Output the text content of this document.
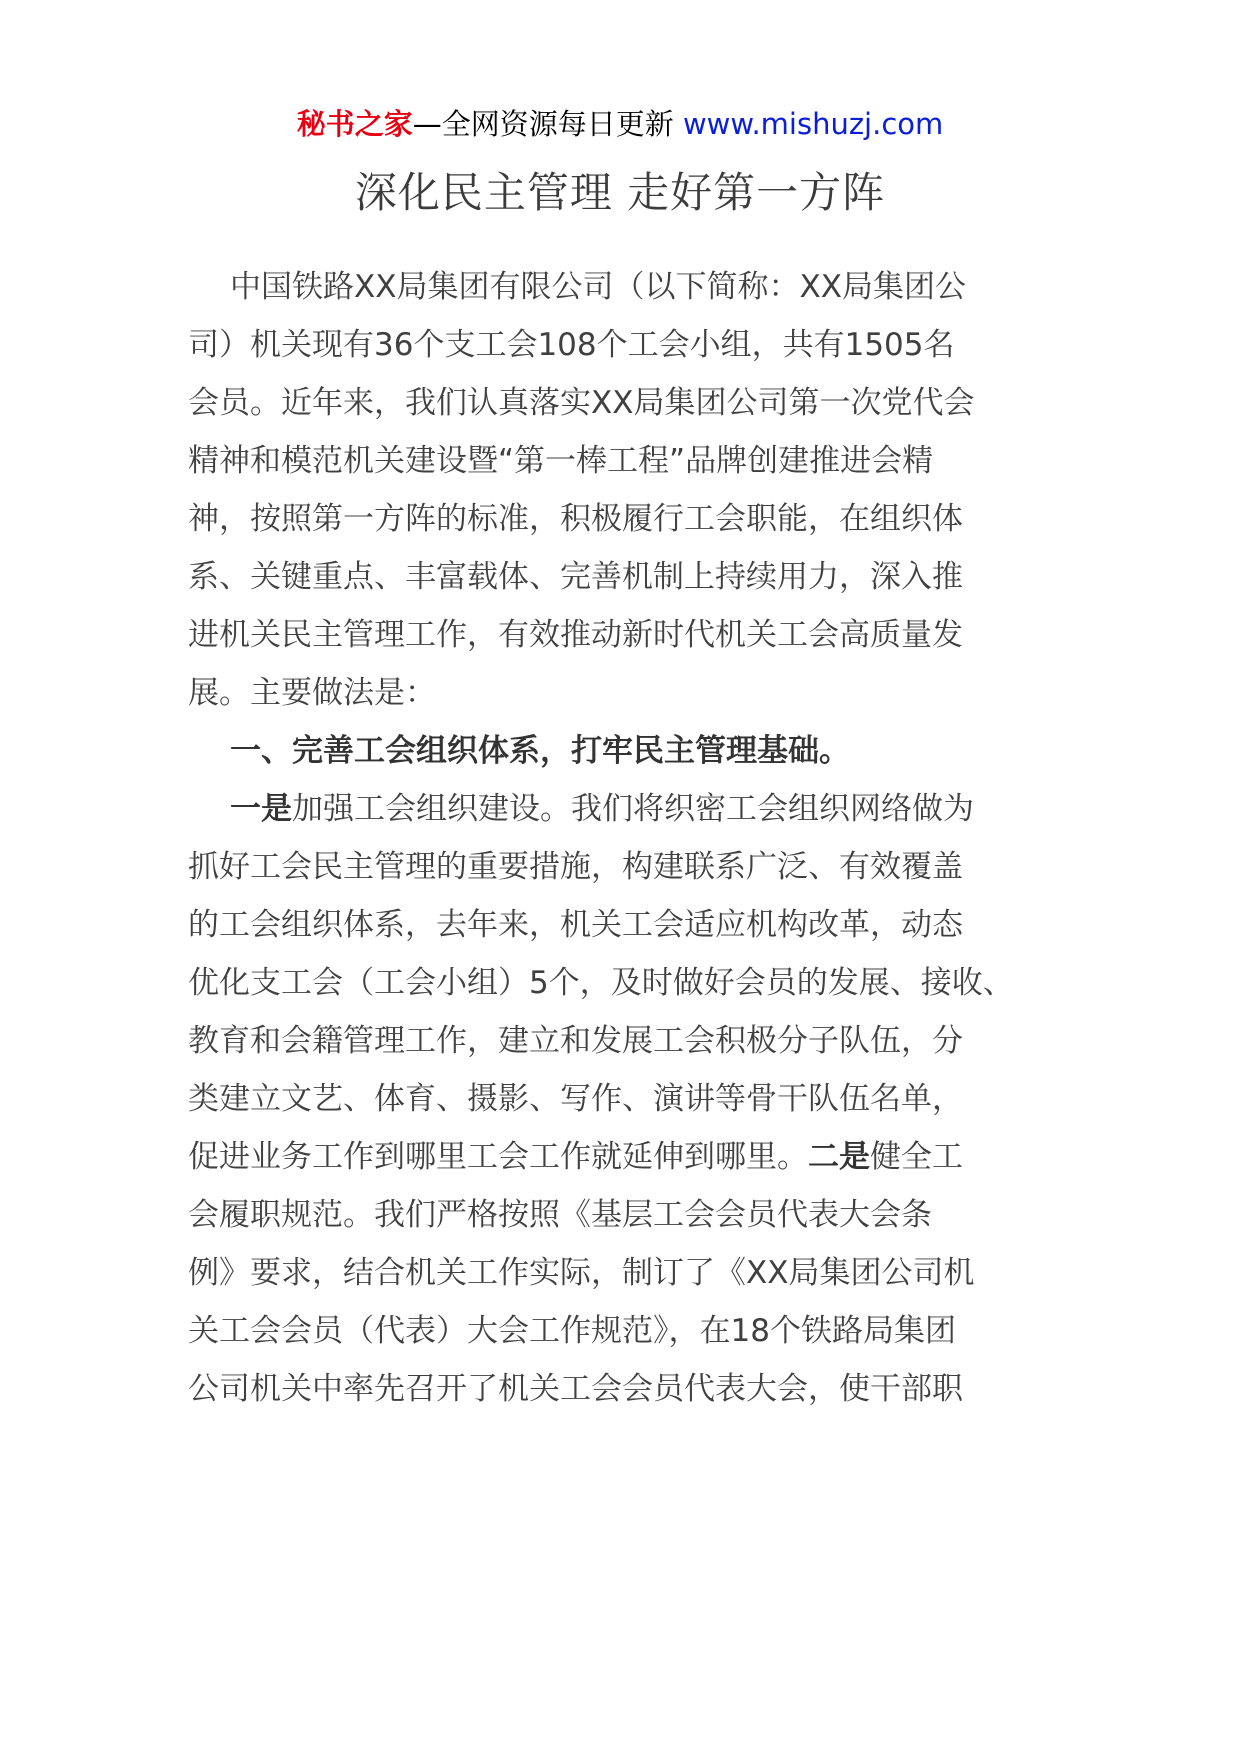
秘书之家—全网资源每日更新 www.mishuzj.com
深化民主管理 走好第一方阵
中国铁路XX局集团有限公司（以下简称：XX局集团公
司）机关现有36个支工会108个工会小组，共有1505名
会员。近年来，我们认真落实XX局集团公司第一次党代会
精神和模范机关建设暨“第一棒工程”品牌创建推进会精
神，按照第一方阵的标准，积极履行工会职能，在组织体
系、关键重点、丰富载体、完善机制上持续用力，深入推
进机关民主管理工作，有效推动新时代机关工会高质量发
展。主要做法是：
一、完善工会组织体系，打牢民主管理基础。
一是加强工会组织建设。我们将织密工会组织网络做为
抓好工会民主管理的重要措施，构建联系广泛、有效覆盖
的工会组织体系，去年来，机关工会适应机构改革，动态
优化支工会（工会小组）5个，及时做好会员的发展、接收、
教育和会籍管理工作，建立和发展工会积极分子队伍，分
类建立文艺、体育、摄影、写作、演讲等骨干队伍名单，
促进业务工作到哪里工会工作就延伸到哪里。二是健全工
会履职规范。我们严格按照《基层工会会员代表大会条
例》要求，结合机关工作实际，制订了《XX局集团公司机
关工会会员（代表）大会工作规范》，在18个铁路局集团
公司机关中率先召开了机关工会会员代表大会，使干部职
